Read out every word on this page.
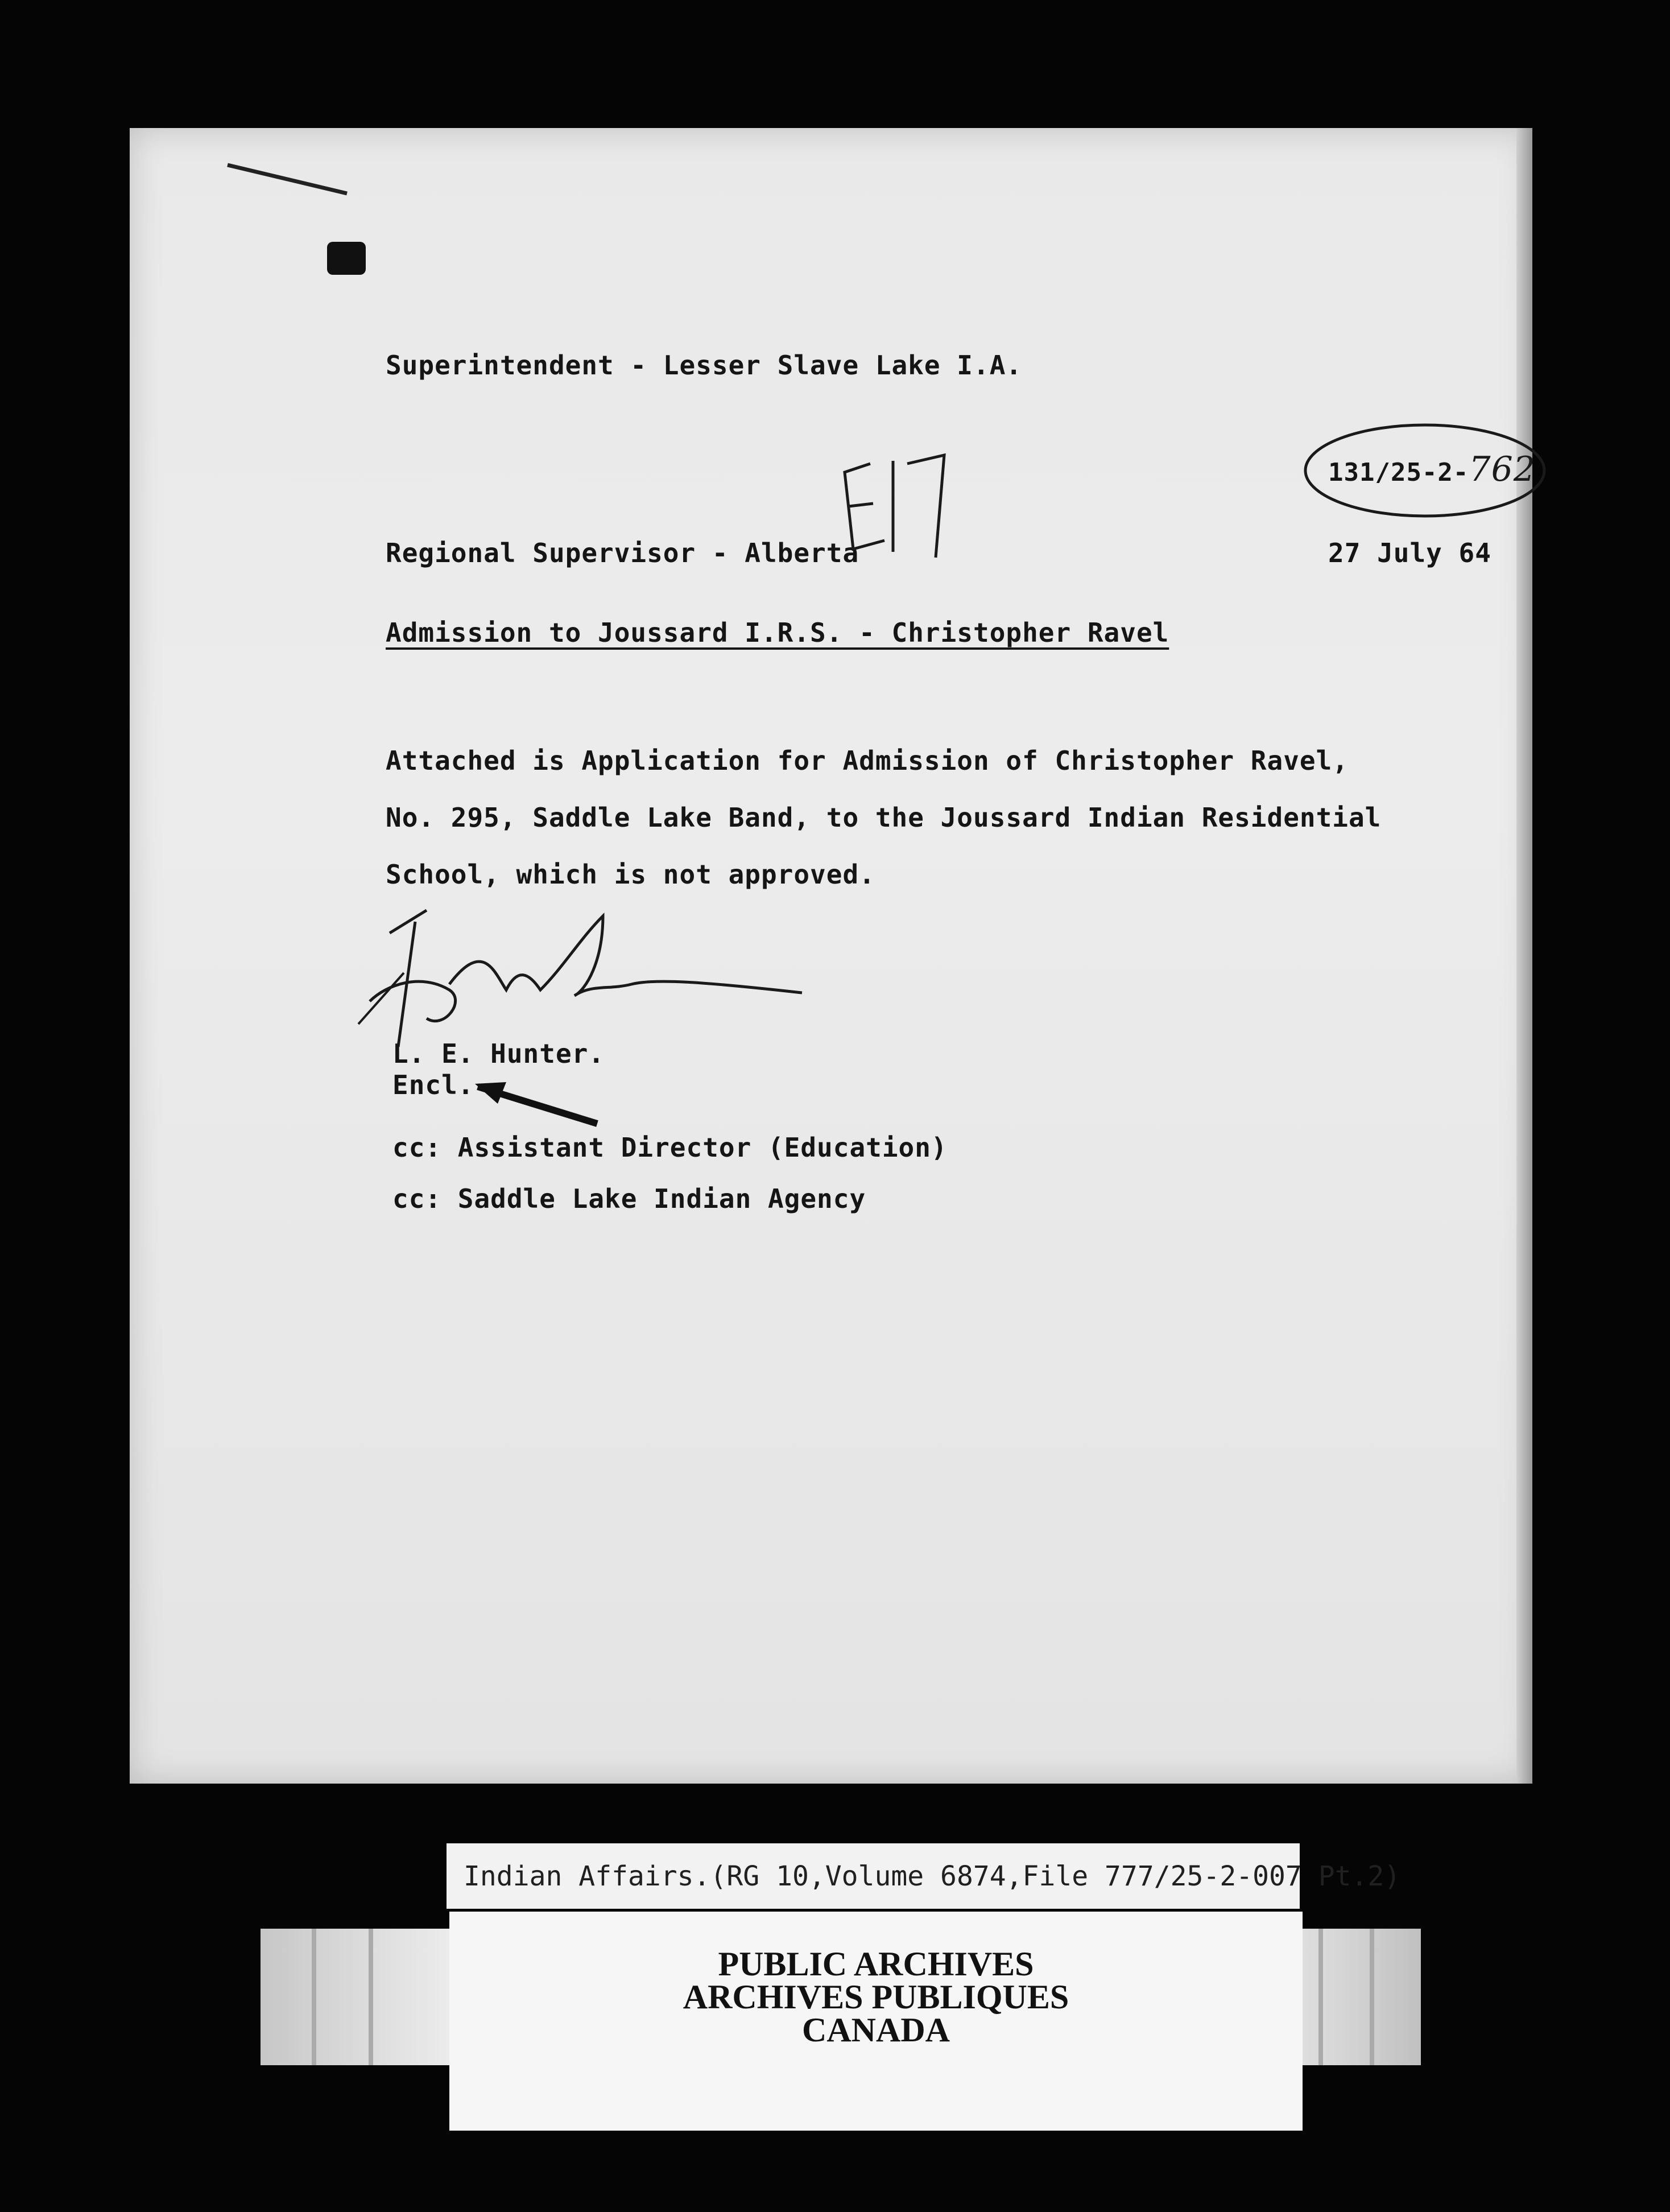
Superintendent - Lesser Slave Lake I.A.
Regional Supervisor - Alberta
131/25-2-762
27 July 64
Admission to Joussard I.R.S. - Christopher Ravel
Attached is Application for Admission of Christopher Ravel,
No. 295, Saddle Lake Band, to the Joussard Indian Residential
School, which is not approved.
L. E. Hunter.
Encl.
cc: Assistant Director (Education)
cc: Saddle Lake Indian Agency
Indian Affairs.(RG 10,Volume 6874,File 777/25-2-007 Pt.2)
PUBLIC ARCHIVES
ARCHIVES PUBLIQUES
CANADA
